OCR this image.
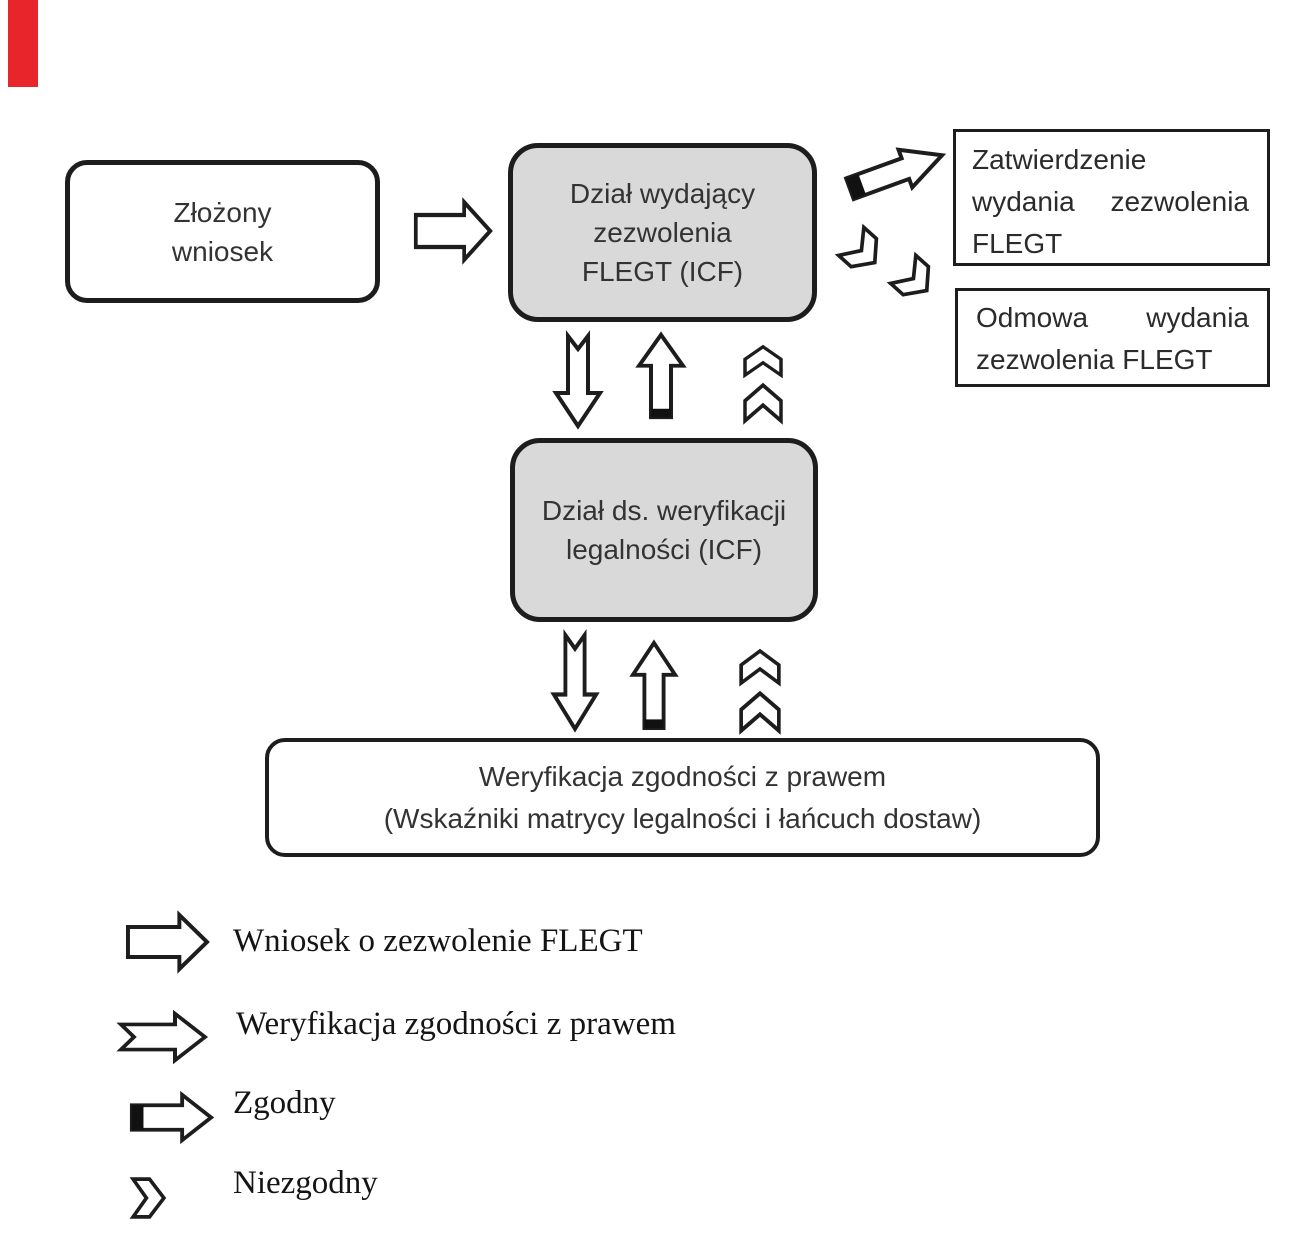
Złożony
wniosek
Dział wydający
zezwolenia
FLEGT (ICF)
Zatwierdzenie
wydania zezwolenia
FLEGT
Odmowa wydania
zezwolenia FLEGT
Dział ds. weryfikacji
legalności (ICF)
Weryfikacja zgodności z prawem
(Wskaźniki matrycy legalności i łańcuch dostaw)
Wniosek o zezwolenie FLEGT
Weryfikacja zgodności z prawem
Zgodny
Niezgodny
